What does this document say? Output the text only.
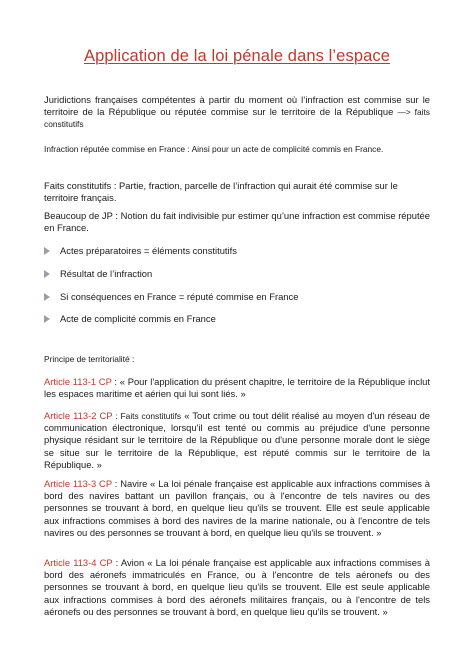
Application de la loi pénale dans l’espace
Juridictions françaises compétentes à partir du moment où l’infraction est commise sur le territoire de la République ou réputée commise sur le territoire de la République —> faits constitutifs
Infraction réputée commise en France : Ainsi pour un acte de complicité commis en France.
Faits constitutifs : Partie, fraction, parcelle de l’infraction qui aurait été commise sur le territoire français.
Beaucoup de JP : Notion du fait indivisible pur estimer qu’une infraction est commise réputée en France.
Actes préparatoires = éléments constitutifs
Résultat de l’infraction
Si conséquences en France = réputé commise en France
Acte de complicité commis en France
Principe de territorialité :
Article 113-1 CP : « Pour l'application du présent chapitre, le territoire de la République inclut les espaces maritime et aérien qui lui sont liés. »
Article 113-2 CP : Faits constitutifs « Tout crime ou tout délit réalisé au moyen d'un réseau de communication électronique, lorsqu'il est tenté ou commis au préjudice d'une personne physique résidant sur le territoire de la République ou d'une personne morale dont le siège se situe sur le territoire de la République, est réputé commis sur le territoire de la République. »
Article 113-3 CP : Navire « La loi pénale française est applicable aux infractions commises à bord des navires battant un pavillon français, ou à l'encontre de tels navires ou des personnes se trouvant à bord, en quelque lieu qu'ils se trouvent. Elle est seule applicable aux infractions commises à bord des navires de la marine nationale, ou à l'encontre de tels navires ou des personnes se trouvant à bord, en quelque lieu qu'ils se trouvent. »
Article 113-4 CP : Avion « La loi pénale française est applicable aux infractions commises à bord des aéronefs immatriculés en France, ou à l'encontre de tels aéronefs ou des personnes se trouvant à bord, en quelque lieu qu'ils se trouvent. Elle est seule applicable aux infractions commises à bord des aéronefs militaires français, ou à l'encontre de tels aéronefs ou des personnes se trouvant à bord, en quelque lieu qu'ils se trouvent. »
